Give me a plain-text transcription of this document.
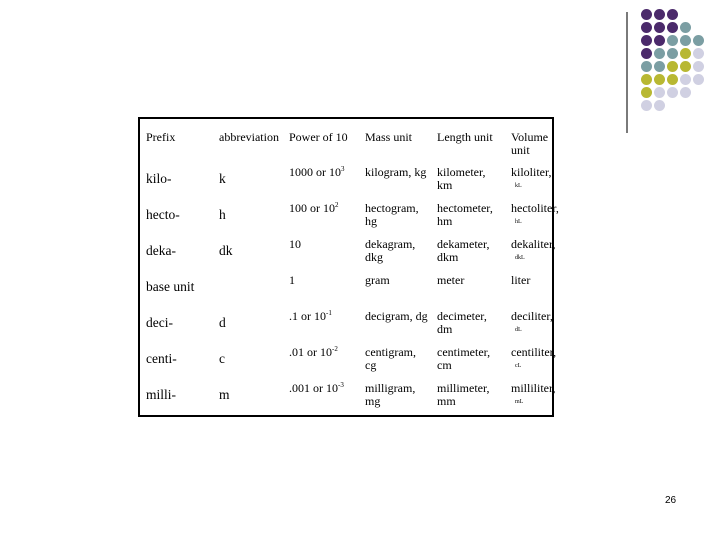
Prefix	abbreviation	Power of 10	Mass unit	Length unit	Volume unit
kilo-	k	1000 or $10^3$	kilogram, kg	kilometer, km	kiloliter,
kL

hecto-	h	100 or $10^2$	hectogram, hg	hectometer, hm	hectoliter,
hL

deka-	dk	10	dekagram, dkg	dekameter, dkm	dekaliter,
dkL

base unit		1	gram	meter	liter

deci-	d	.1 or $10^{-1}$	decigram, dg	decimeter, dm	deciliter,
dL

centi-	c	.01 or $10^{-2}$	centigram, cg	centimeter, cm	centiliter,
cL

milli-	m	.001 or $10^{-3}$	milligram, mg	millimeter, mm	milliliter,
mL
26
